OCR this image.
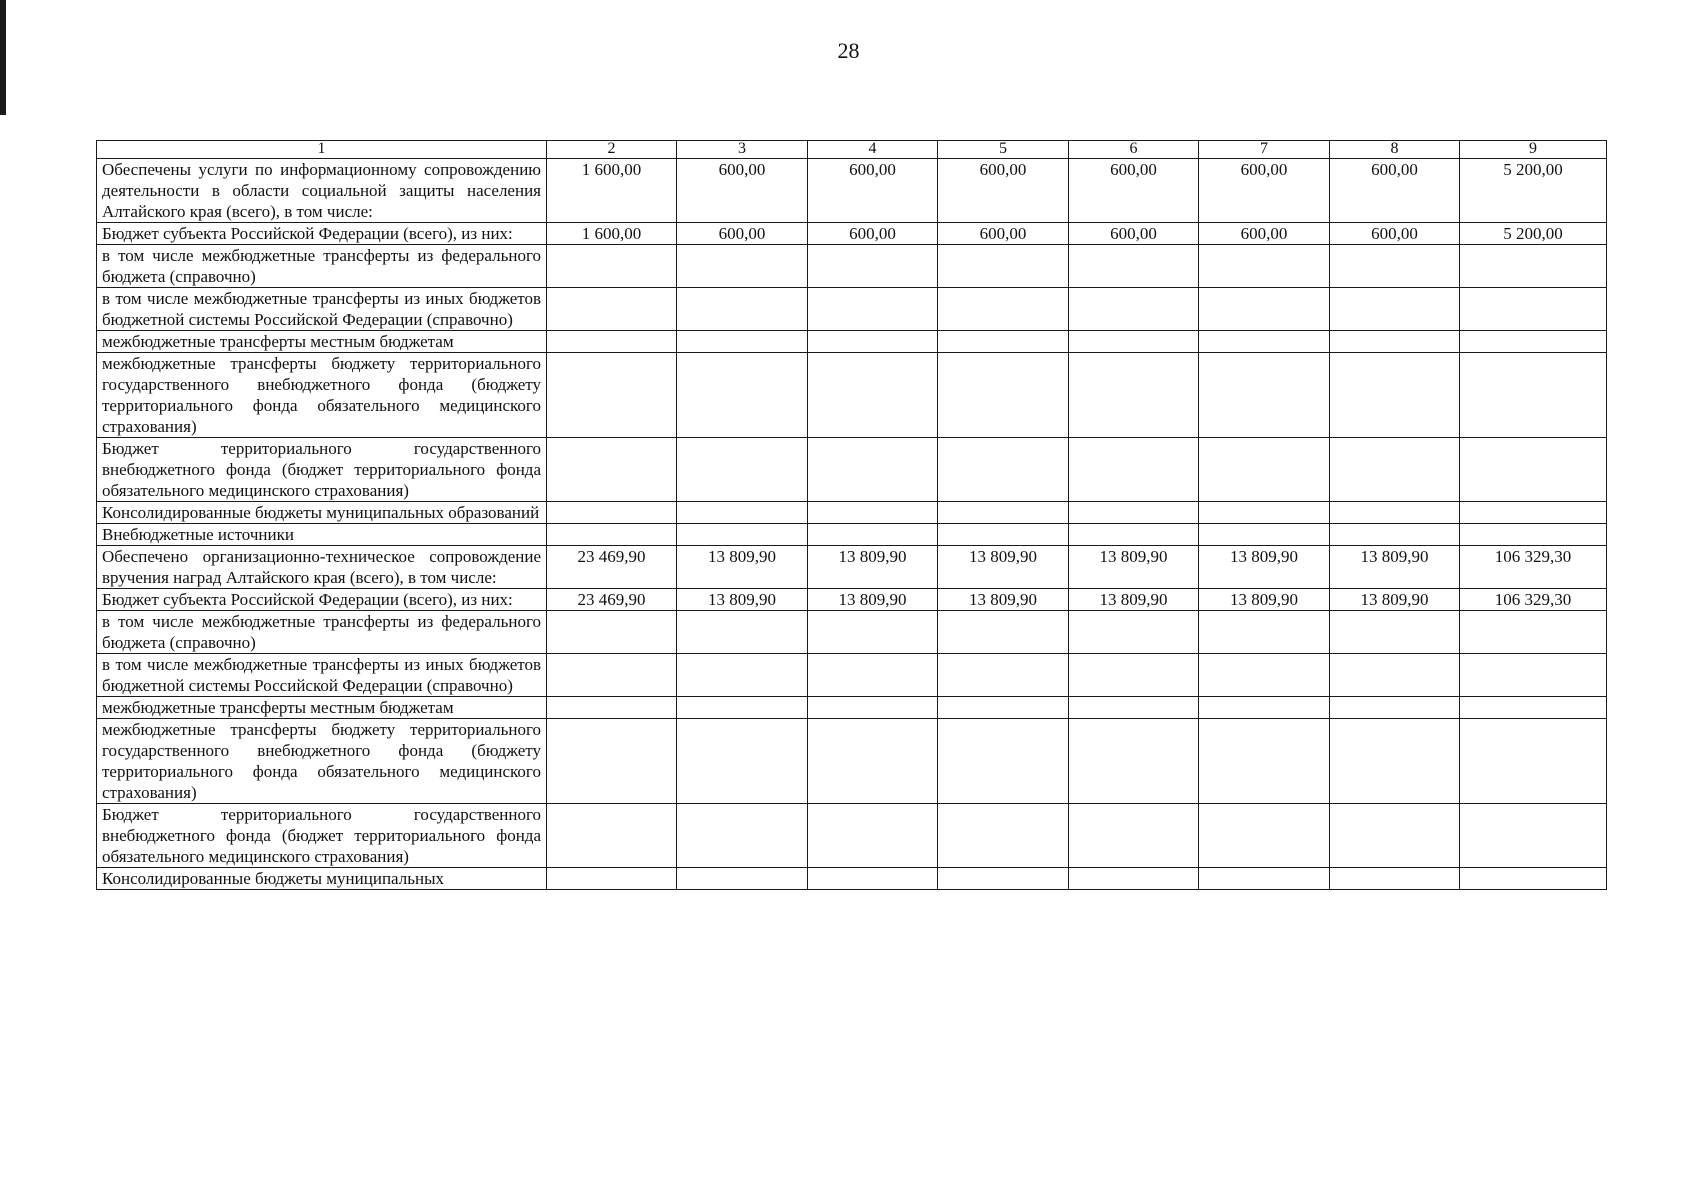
28
1	2	3	4	5	6	7	8	9
Обеспечены услуги по информационному сопровождению деятельности в области социальной защиты населения Алтайского края (всего), в том числе:	1 600,00	600,00	600,00	600,00	600,00	600,00	600,00	5 200,00
Бюджет субъекта Российской Федерации (всего), из них:	1 600,00	600,00	600,00	600,00	600,00	600,00	600,00	5 200,00
в том числе межбюджетные трансферты из федерального бюджета (справочно)								
в том числе межбюджетные трансферты из иных бюджетов бюджетной системы Российской Федерации (справочно)								
межбюджетные трансферты местным бюджетам								
межбюджетные трансферты бюджету территориального государственного внебюджетного фонда (бюджету территориального фонда обязательного медицинского страхования)								
Бюджет территориального государственного внебюджетного фонда (бюджет территориального фонда обязательного медицинского страхования)								
Консолидированные бюджеты муниципальных образований								
Внебюджетные источники								
Обеспечено организационно-техническое сопровождение вручения наград Алтайского края (всего), в том числе:	23 469,90	13 809,90	13 809,90	13 809,90	13 809,90	13 809,90	13 809,90	106 329,30
Бюджет субъекта Российской Федерации (всего), из них:	23 469,90	13 809,90	13 809,90	13 809,90	13 809,90	13 809,90	13 809,90	106 329,30
в том числе межбюджетные трансферты из федерального бюджета (справочно)								
в том числе межбюджетные трансферты из иных бюджетов бюджетной системы Российской Федерации (справочно)								
межбюджетные трансферты местным бюджетам								
межбюджетные трансферты бюджету территориального государственного внебюджетного фонда (бюджету территориального фонда обязательного медицинского страхования)								
Бюджет территориального государственного внебюджетного фонда (бюджет территориального фонда обязательного медицинского страхования)								
Консолидированные бюджеты муниципальных								
